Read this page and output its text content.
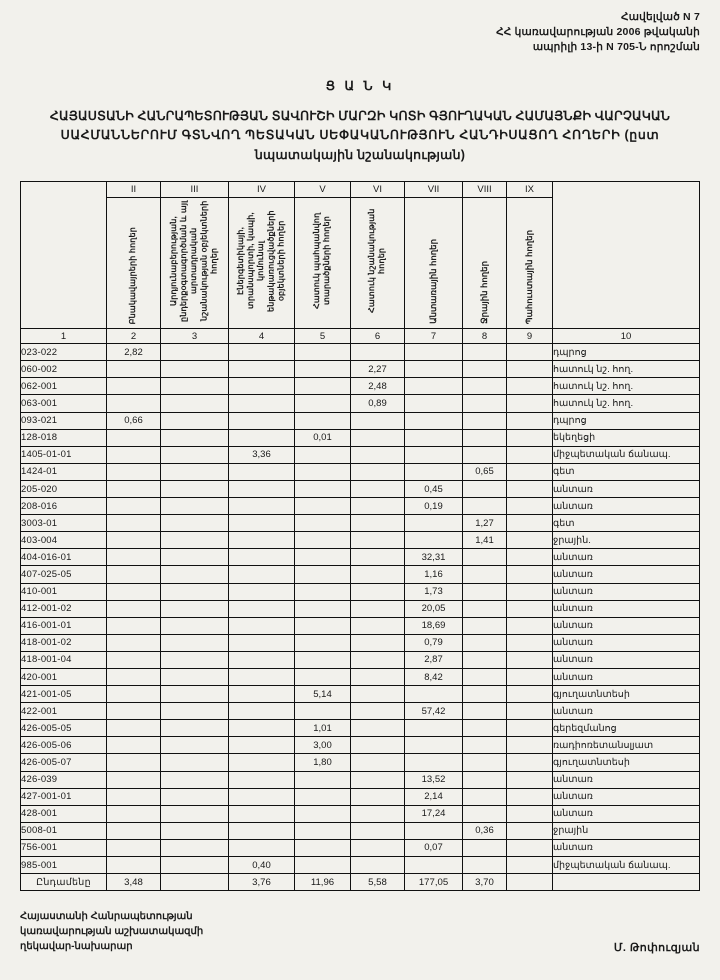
Հավելված N 7
ՀՀ կառավարության 2006 թվականի
ապրիլի 13-ի N 705-Ն որոշման
Ց Ա Ն Կ
ՀԱՅԱՍՏԱՆԻ ՀԱՆՐԱՊԵՏՈՒԹՅԱՆ ՏԱՎՈՒՇԻ ՄԱՐԶԻ ԿՈՏԻ ԳՅՈՒՂԱԿԱՆ ՀԱՄԱՅՆՔԻ ՎԱՐՉԱԿԱՆ
ՍԱՀՄԱՆՆԵՐՈՒՄ ԳՏՆՎՈՂ ՊԵՏԱԿԱՆ ՍԵՓԱԿԱՆՈՒԹՅՈՒՆ ՀԱՆԴԻՍԱՑՈՂ ՀՈՂԵՐԻ (ըստ
նպատակային նշանակության)
	II	III	IV	V	VI	VII	VIII	IX	

	Բնակավայրերի հողեր	Արդյունաբերության, ընդերքօգտագործման և այլ արտադրական նշանակության օբյեկտների հողեր	Էներգետիկայի, տրանսպորտի, կապի, կոմունալ ենթակառուցվածքների օբյեկտների հողեր	Հատուկ պահպանվող տարածքների հողեր	Հատուկ նշանակության հողեր	Անտառային հողեր	Ջրային հողեր	Պահուստային հողեր	

1	2	3	4	5	6	7	8	9	10
023-022	2,82								դպրոց
060-002					2,27				հատուկ նշ. հող.
062-001					2,48				հատուկ նշ. հող.
063-001					0,89				հատուկ նշ. հող.
093-021	0,66								դպրոց
128-018				0,01					եկեղեցի
1405-01-01			3,36						միջպետական ճանապ.
1424-01							0,65		գետ
205-020						0,45			անտառ
208-016						0,19			անտառ
3003-01							1,27		գետ
403-004							1,41		ջրային.
404-016-01						32,31			անտառ
407-025-05						1,16			անտառ
410-001						1,73			անտառ
412-001-02						20,05			անտառ
416-001-01						18,69			անտառ
418-001-02						0,79			անտառ
418-001-04						2,87			անտառ
420-001						8,42			անտառ
421-001-05				5,14					գյուղատնտեսի
422-001						57,42			անտառ
426-005-05				1,01					գերեզմանոց
426-005-06				3,00					ռադիոռետանսլյատ
426-005-07				1,80					գյուղատնտեսի
426-039						13,52			անտառ
427-001-01						2,14			անտառ
428-001						17,24			անտառ
5008-01							0,36		ջրային
756-001						0,07			անտառ
985-001			0,40						միջպետական ճանապ.
Ընդամենը	3,48		3,76	11,96	5,58	177,05	3,70		
Հայաստանի Հանրապետության
կառավարության աշխատակազմի
ղեկավար-նախարար	Մ. Թոփուզյան
